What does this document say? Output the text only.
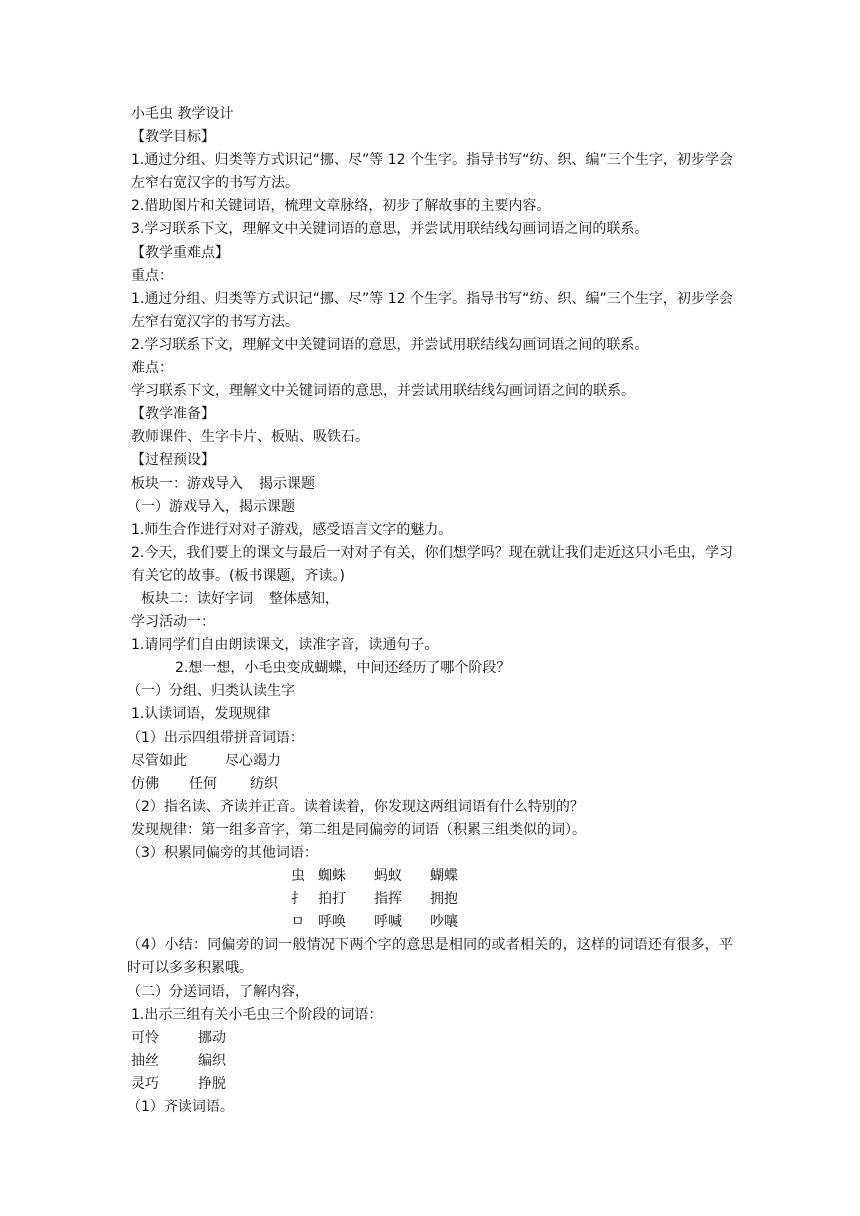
小毛虫 教学设计
【教学目标】
1.通过分组、归类等方式识记“挪、尽”等 12 个生字。指导书写“纺、织、编”三个生字，初步学会左窄右宽汉字的书写方法。
2.借助图片和关键词语，梳理文章脉络，初步了解故事的主要内容。
3.学习联系下文，理解文中关键词语的意思，并尝试用联结线勾画词语之间的联系。
【教学重难点】
重点：
1.通过分组、归类等方式识记“挪、尽”等 12 个生字。指导书写“纺、织、编”三个生字，初步学会左窄右宽汉字的书写方法。
2.学习联系下文，理解文中关键词语的意思，并尝试用联结线勾画词语之间的联系。
难点：
学习联系下文，理解文中关键词语的意思，并尝试用联结线勾画词语之间的联系。
【教学准备】
教师课件、生字卡片、板贴、吸铁石。
【过程预设】
板块一：游戏导入 揭示课题
（一）游戏导入，揭示课题
1.师生合作进行对对子游戏，感受语言文字的魅力。
2.今天，我们要上的课文与最后一对对子有关，你们想学吗？现在就让我们走近这只小毛虫，学习有关它的故事。(板书课题，齐读。)
板块二：读好字词 整体感知，
学习活动一：
1.请同学们自由朗读课文，读准字音，读通句子。
2.想一想，小毛虫变成蝴蝶，中间还经历了哪个阶段？
（一）分组、归类认读生字
1.认读词语，发现规律
（1）出示四组带拼音词语：
尽管如此	尽心竭力
仿佛 任何 纺织
（2）指名读、齐读并正音。读着读着，你发现这两组词语有什么特别的？
发现规律：第一组多音字，第二组是同偏旁的词语（积累三组类似的词）。
（3）积累同偏旁的其他词语：
虫 蜘蛛 蚂蚁 蝴蝶
扌 拍打 指挥 拥抱
ㅁ 呼唤 呼喊 吵嚷
（4）小结：同偏旁的词一般情况下两个字的意思是相同的或者相关的，这样的词语还有很多，平时可以多多积累哦。
（二）分送词语，了解内容，
1.出示三组有关小毛虫三个阶段的词语：
可怜	挪动
抽丝	编织
灵巧	挣脱
（1）齐读词语。
